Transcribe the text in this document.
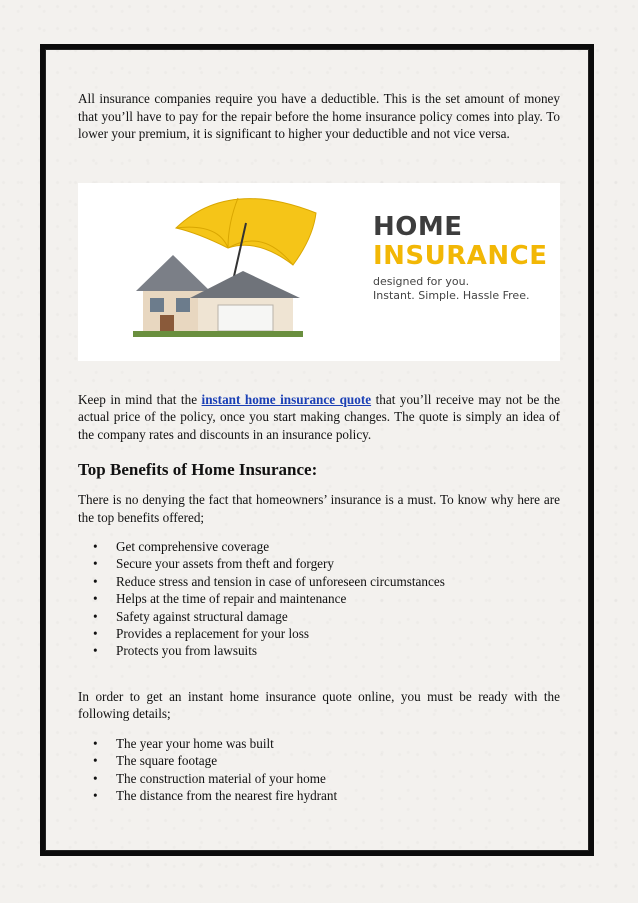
All insurance companies require you have a deductible. This is the set amount of money that you’ll have to pay for the repair before the home insurance policy comes into play. To lower your premium, it is significant to higher your deductible and not vice versa.

HOME
INSURANCE
designed for you.
Instant. Simple. Hassle Free.

Keep in mind that the instant home insurance quote that you’ll receive may not be the actual price of the policy, once you start making changes. The quote is simply an idea of the company rates and discounts in an insurance policy.

Top Benefits of Home Insurance:

There is no denying the fact that homeowners’ insurance is a must. To know why here are the top benefits offered;

• Get comprehensive coverage
• Secure your assets from theft and forgery
• Reduce stress and tension in case of unforeseen circumstances
• Helps at the time of repair and maintenance
• Safety against structural damage
• Provides a replacement for your loss
• Protects you from lawsuits

In order to get an instant home insurance quote online, you must be ready with the following details;

• The year your home was built
• The square footage
• The construction material of your home
• The distance from the nearest fire hydrant
